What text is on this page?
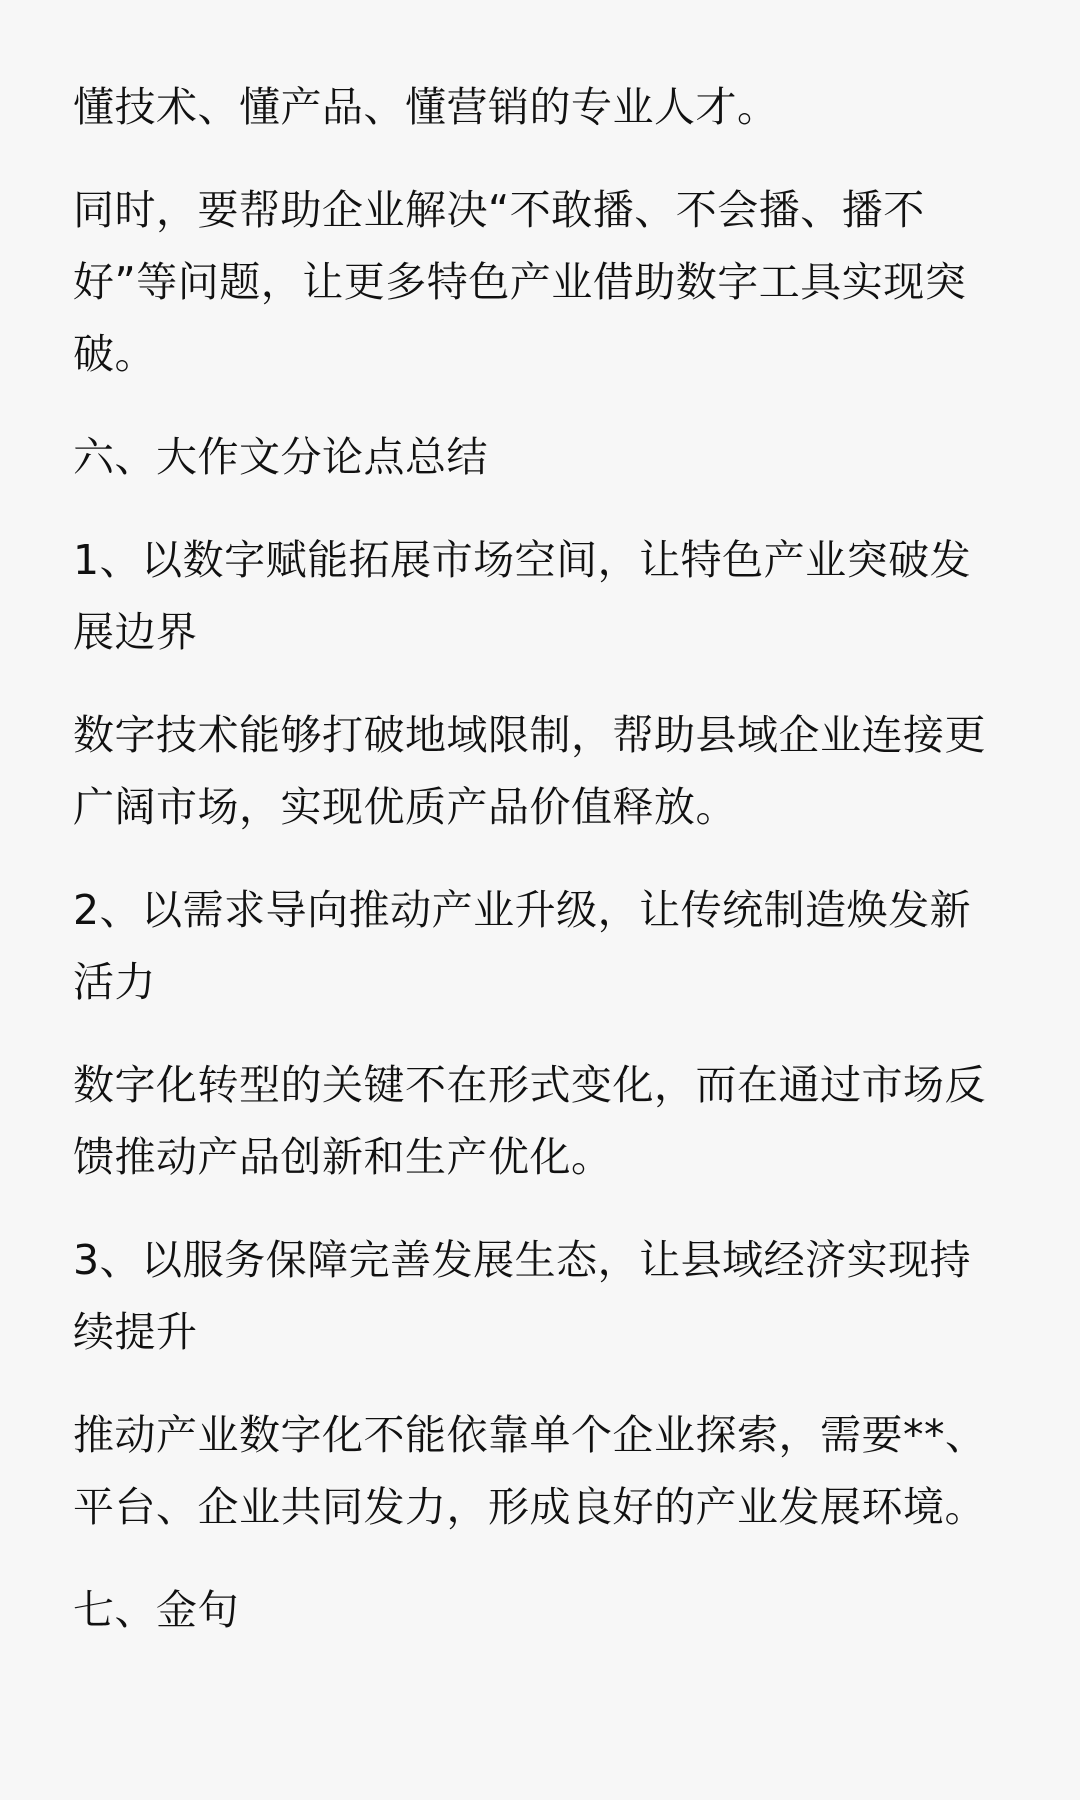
懂技术、懂产品、懂营销的专业人才。

同时，要帮助企业解决“不敢播、不会播、播不好”等问题，让更多特色产业借助数字工具实现突破。

六、大作文分论点总结

1、以数字赋能拓展市场空间，让特色产业突破发展边界

数字技术能够打破地域限制，帮助县域企业连接更广阔市场，实现优质产品价值释放。

2、以需求导向推动产业升级，让传统制造焕发新活力

数字化转型的关键不在形式变化，而在通过市场反馈推动产品创新和生产优化。

3、以服务保障完善发展生态，让县域经济实现持续提升

推动产业数字化不能依靠单个企业探索，需要**、平台、企业共同发力，形成良好的产业发展环境。

七、金句
